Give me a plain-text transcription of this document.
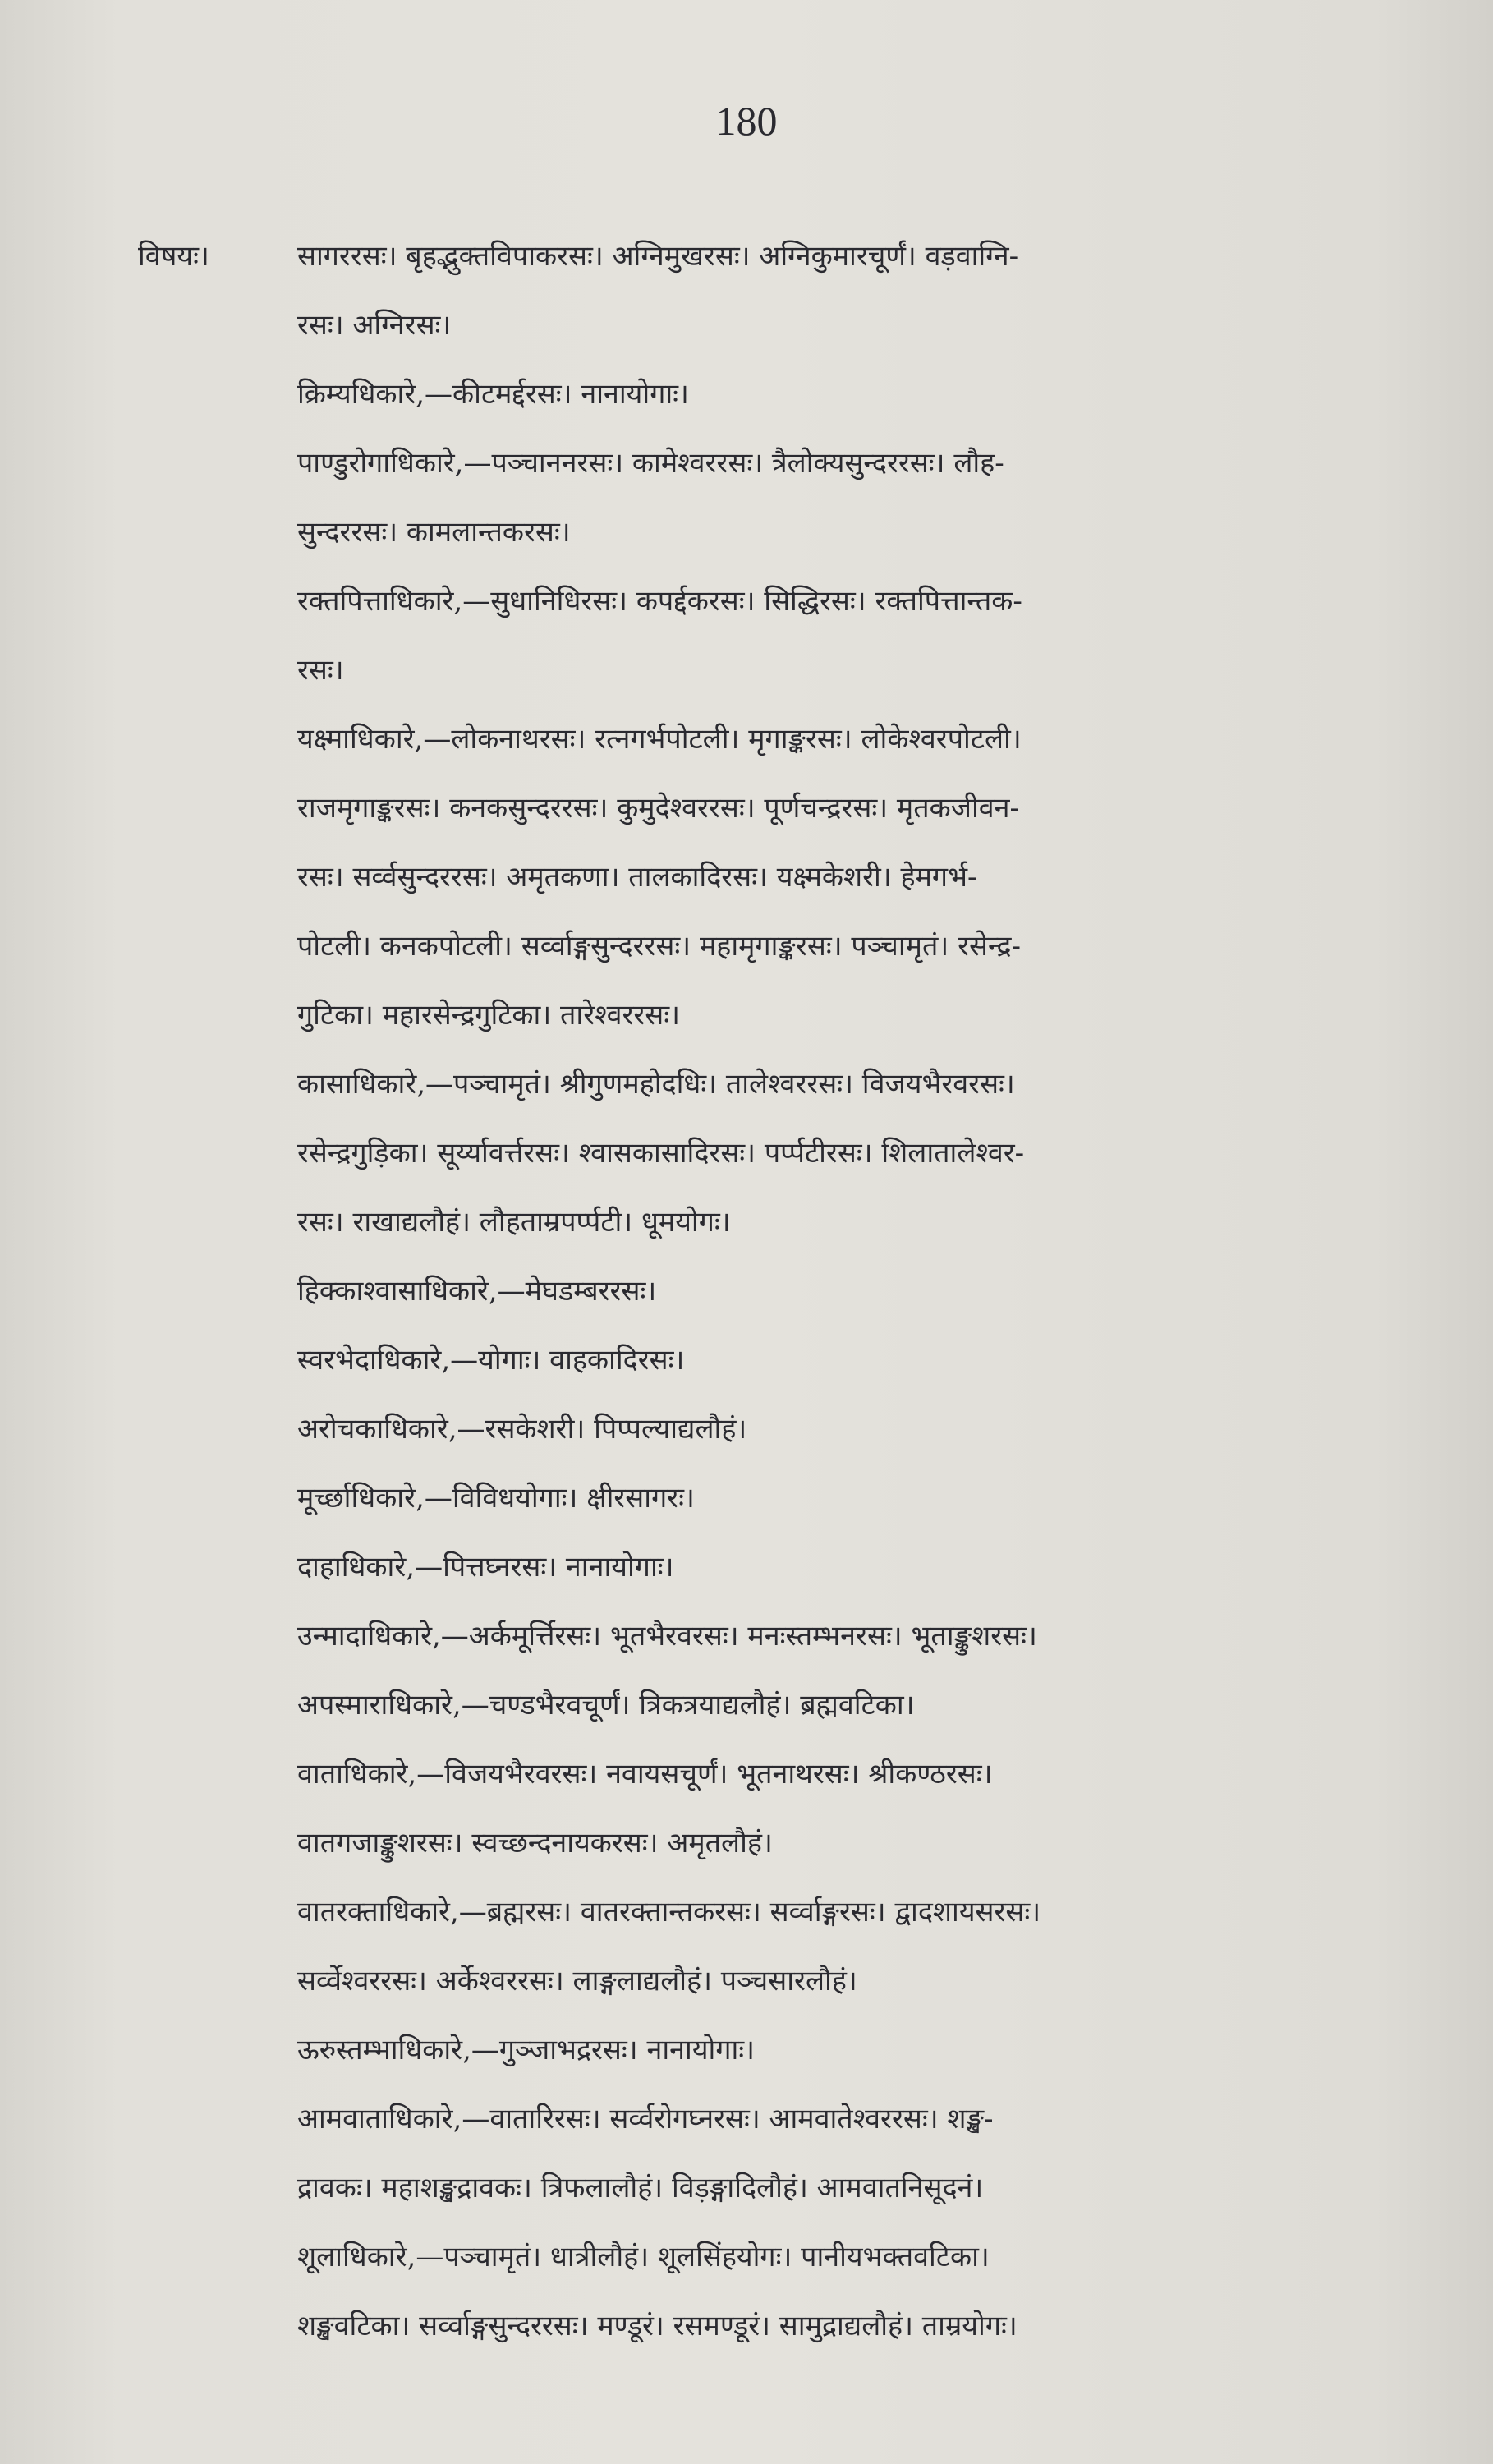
180
विषयः।	सागररसः। बृहद्भुक्तविपाकरसः। अग्निमुखरसः। अग्निकुमारचूर्णं। वड़वाग्नि-
रसः। अग्निरसः।
क्रिम्यधिकारे,—कीटमर्द्दरसः। नानायोगाः।
पाण्डुरोगाधिकारे,—पञ्चाननरसः। कामेश्वररसः। त्रैलोक्यसुन्दररसः। लौह-
सुन्दररसः। कामलान्तकरसः।
रक्तपित्ताधिकारे,—सुधानिधिरसः। कपर्द्दकरसः। सिद्धिरसः। रक्तपित्तान्तक-
रसः।
यक्ष्माधिकारे,—लोकनाथरसः। रत्नगर्भपोटली। मृगाङ्करसः। लोकेश्वरपोटली।
राजमृगाङ्करसः। कनकसुन्दररसः। कुमुदेश्वररसः। पूर्णचन्द्ररसः। मृतकजीवन-
रसः। सर्व्वसुन्दररसः। अमृतकणा। तालकादिरसः। यक्ष्मकेशरी। हेमगर्भ-
पोटली। कनकपोटली। सर्व्वाङ्गसुन्दररसः। महामृगाङ्करसः। पञ्चामृतं। रसेन्द्र-
गुटिका। महारसेन्द्रगुटिका। तारेश्वररसः।
कासाधिकारे,—पञ्चामृतं। श्रीगुणमहोदधिः। तालेश्वररसः। विजयभैरवरसः।
रसेन्द्रगुड़िका। सूर्य्यावर्त्तरसः। श्वासकासादिरसः। पर्प्पटीरसः। शिलातालेश्वर-
रसः। राखाद्यलौहं। लौहताम्रपर्प्पटी। धूमयोगः।
हिक्काश्वासाधिकारे,—मेघडम्बररसः।
स्वरभेदाधिकारे,—योगाः। वाहकादिरसः।
अरोचकाधिकारे,—रसकेशरी। पिप्पल्याद्यलौहं।
मूर्च्छाधिकारे,—विविधयोगाः। क्षीरसागरः।
दाहाधिकारे,—पित्तघ्नरसः। नानायोगाः।
उन्मादाधिकारे,—अर्कमूर्त्तिरसः। भूतभैरवरसः। मनःस्तम्भनरसः। भूताङ्कुशरसः।
अपस्माराधिकारे,—चण्डभैरवचूर्णं। त्रिकत्रयाद्यलौहं। ब्रह्मवटिका।
वाताधिकारे,—विजयभैरवरसः। नवायसचूर्णं। भूतनाथरसः। श्रीकण्ठरसः।
वातगजाङ्कुशरसः। स्वच्छन्दनायकरसः। अमृतलौहं।
वातरक्ताधिकारे,—ब्रह्मरसः। वातरक्तान्तकरसः। सर्व्वाङ्गरसः। द्वादशायसरसः।
सर्व्वेश्वररसः। अर्केश्वररसः। लाङ्गलाद्यलौहं। पञ्चसारलौहं।
ऊरुस्तम्भाधिकारे,—गुञ्जाभद्ररसः। नानायोगाः।
आमवाताधिकारे,—वातारिरसः। सर्व्वरोगघ्नरसः। आमवातेश्वररसः। शङ्ख-
द्रावकः। महाशङ्खद्रावकः। त्रिफलालौहं। विड़ङ्गादिलौहं। आमवातनिसूदनं।
शूलाधिकारे,—पञ्चामृतं। धात्रीलौहं। शूलसिंहयोगः। पानीयभक्तवटिका।
शङ्खवटिका। सर्व्वाङ्गसुन्दररसः। मण्डूरं। रसमण्डूरं। सामुद्राद्यलौहं। ताम्रयोगः।
